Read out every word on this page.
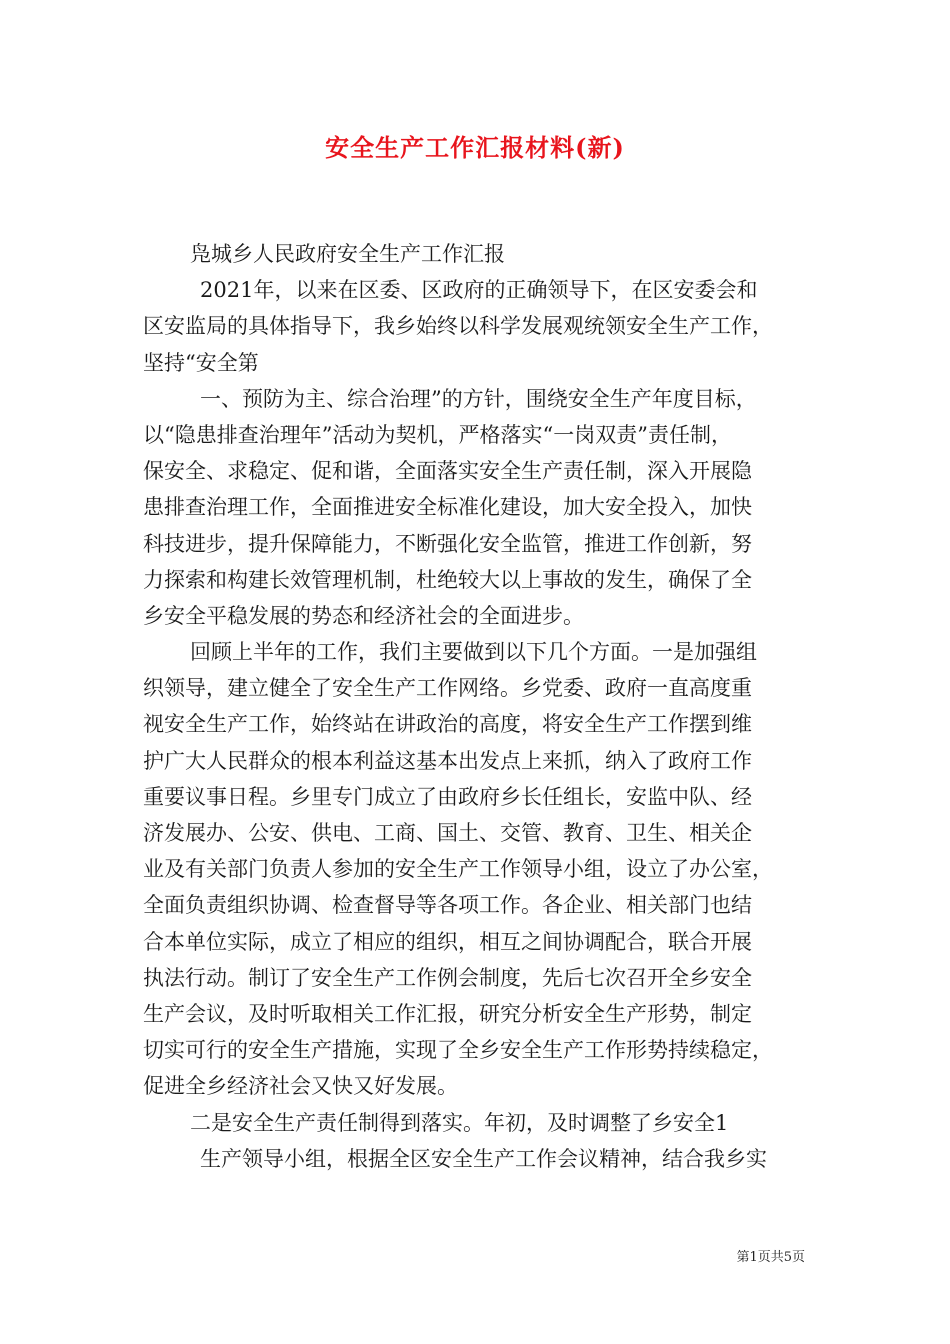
安全生产工作汇报材料(新)
凫城乡人民政府安全生产工作汇报
2021年，以来在区委、区政府的正确领导下，在区安委会和
区安监局的具体指导下，我乡始终以科学发展观统领安全生产工作，
坚持“安全第
一、预防为主、综合治理”的方针，围绕安全生产年度目标，
以“隐患排查治理年”活动为契机，严格落实“一岗双责”责任制，
保安全、求稳定、促和谐，全面落实安全生产责任制，深入开展隐
患排查治理工作，全面推进安全标准化建设，加大安全投入，加快
科技进步，提升保障能力，不断强化安全监管，推进工作创新，努
力探索和构建长效管理机制，杜绝较大以上事故的发生，确保了全
乡安全平稳发展的势态和经济社会的全面进步。
回顾上半年的工作，我们主要做到以下几个方面。一是加强组
织领导，建立健全了安全生产工作网络。乡党委、政府一直高度重
视安全生产工作，始终站在讲政治的高度，将安全生产工作摆到维
护广大人民群众的根本利益这基本出发点上来抓，纳入了政府工作
重要议事日程。乡里专门成立了由政府乡长任组长，安监中队、经
济发展办、公安、供电、工商、国土、交管、教育、卫生、相关企
业及有关部门负责人参加的安全生产工作领导小组，设立了办公室，
全面负责组织协调、检查督导等各项工作。各企业、相关部门也结
合本单位实际，成立了相应的组织，相互之间协调配合，联合开展
执法行动。制订了安全生产工作例会制度，先后七次召开全乡安全
生产会议，及时听取相关工作汇报，研究分析安全生产形势，制定
切实可行的安全生产措施，实现了全乡安全生产工作形势持续稳定，
促进全乡经济社会又快又好发展。
二是安全生产责任制得到落实。年初，及时调整了乡安全1
生产领导小组，根据全区安全生产工作会议精神，结合我乡实
第1页共5页
